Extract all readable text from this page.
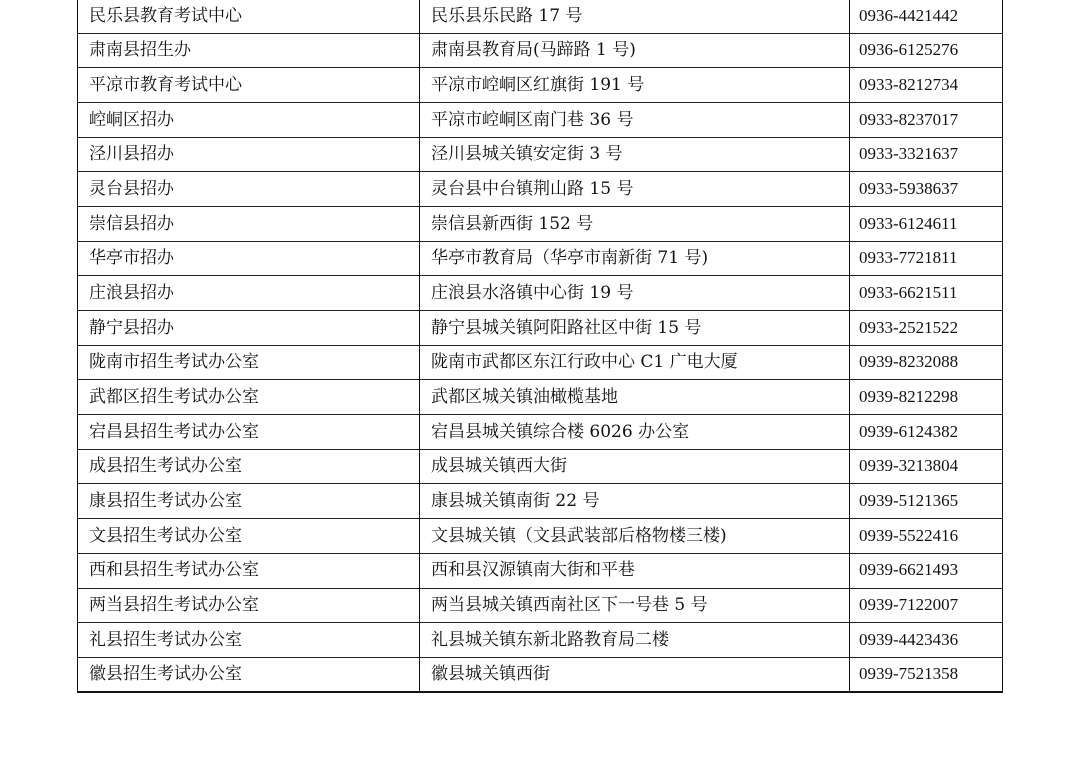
民乐县教育考试中心	民乐县乐民路 17 号	0936-4421442
肃南县招生办	肃南县教育局(马蹄路 1 号)	0936-6125276
平凉市教育考试中心	平凉市崆峒区红旗街 191 号	0933-8212734
崆峒区招办	平凉市崆峒区南门巷 36 号	0933-8237017
泾川县招办	泾川县城关镇安定街 3 号	0933-3321637
灵台县招办	灵台县中台镇荆山路 15 号	0933-5938637
崇信县招办	崇信县新西街 152 号	0933-6124611
华亭市招办	华亭市教育局（华亭市南新街 71 号)	0933-7721811
庄浪县招办	庄浪县水洛镇中心街 19 号	0933-6621511
静宁县招办	静宁县城关镇阿阳路社区中街 15 号	0933-2521522
陇南市招生考试办公室	陇南市武都区东江行政中心 C1 广电大厦	0939-8232088
武都区招生考试办公室	武都区城关镇油橄榄基地	0939-8212298
宕昌县招生考试办公室	宕昌县城关镇综合楼 6026 办公室	0939-6124382
成县招生考试办公室	成县城关镇西大街	0939-3213804
康县招生考试办公室	康县城关镇南街 22 号	0939-5121365
文县招生考试办公室	文县城关镇（文县武装部后格物楼三楼)	0939-5522416
西和县招生考试办公室	西和县汉源镇南大街和平巷	0939-6621493
两当县招生考试办公室	两当县城关镇西南社区下一号巷 5 号	0939-7122007
礼县招生考试办公室	礼县城关镇东新北路教育局二楼	0939-4423436
徽县招生考试办公室	徽县城关镇西街	0939-7521358
